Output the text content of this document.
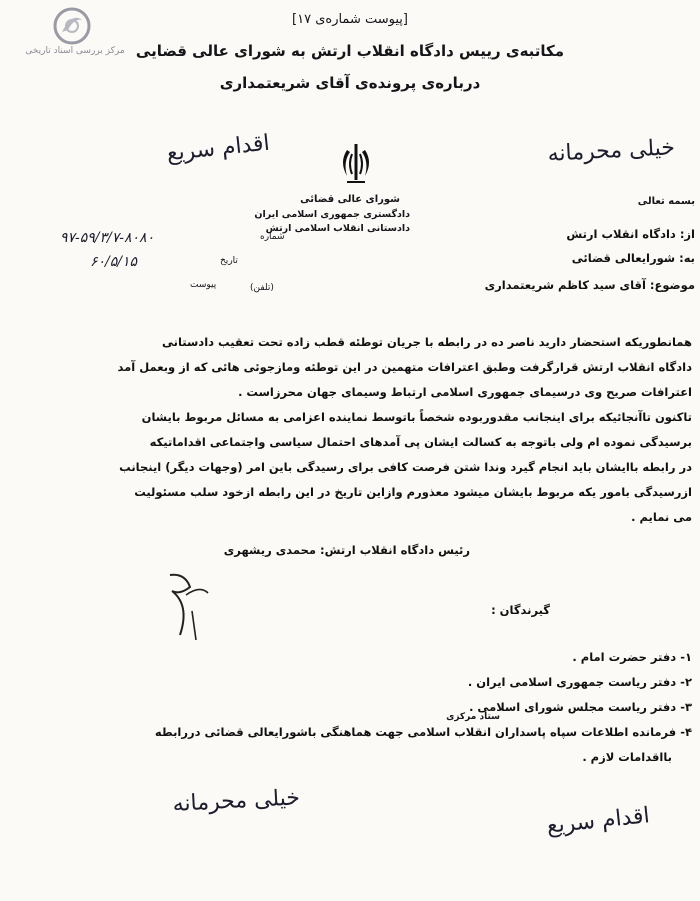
مرکز بررسی اسناد تاریخی
[پیوست شماره‌ی ۱۷]
مکاتبه‌ی رییس دادگاه انقلاب ارتش به شورای عالی قضایی
درباره‌ی پرونده‌ی آقای شریعتمداری
خیلی محرمانه
اقدام سریع
شورای عالی قضائی
دادگستری جمهوری اسلامی ایران
دادستانی انقلاب اسلامی ارتش
بسمه تعالی
شماره
۹۷-۵۹/۳/۷-۸۰۸۰
تاریخ
۶۰/۵/۱۵
پیوست	(تلفن)
از: دادگاه انقلاب ارتش
به: شورایعالی قضائی
موضوع: آقای سید کاظم شریعتمداری
همانطوریکه استحضار دارید ناصر ده در رابطه با جریان توطئه قطب زاده تحت تعقیب دادستانی
دادگاه انقلاب ارتش قرارگرفت وطبق اعترافات متهمین در این توطئه ومازجوئی هائی که از وبعمل آمد
اعترافات صریح وی درسیمای جمهوری اسلامی ارتباط وسیمای جهان محرزاست .
تاکنون تاآنجائیکه برای اینجانب مقدوربوده شخصاً باتوسط نماینده اعزامی به مسائل مربوط بایشان
برسیدگی نموده ام ولی باتوجه به کسالت ایشان پی آمدهای احتمال سیاسی واجتماعی اقداماتیکه
در رابطه باایشان باید انجام گیرد وندا شتن فرصت کافی برای رسیدگی باین امر (وجهات دیگر) اینجانب
ازرسیدگی بامور یکه مربوط بایشان میشود معذورم وازاین تاریخ در این رابطه ازخود سلب مسئولیت
می نمایم .
رئیس دادگاه انقلاب ارتش: محمدی ریشهری
گیرندگان :
۱- دفتر حضرت امام .
۲- دفتر ریاست جمهوری اسلامی ایران .
۳- دفتر ریاست مجلس شورای اسلامی .
۴- فرمانده اطلاعات سپاه پاسداران انقلاب اسلامی جهت هماهنگی باشورایعالی قضائی دررابطه
بااقدامات لازم .
ستاد مرکزی
خیلی محرمانه
اقدام سریع
